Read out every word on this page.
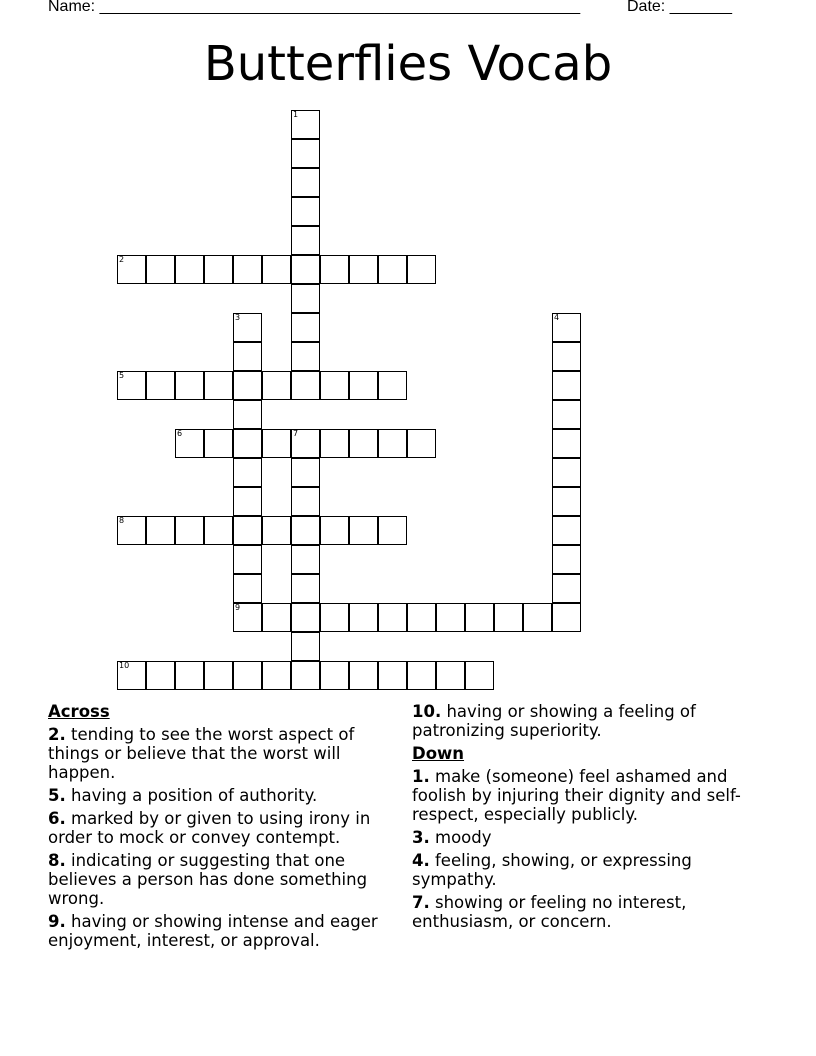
Name: ______________________________________________________	Date: _______
Butterflies Vocab
1
2
3
9
4
5
6	7
8
10
Across
2. tending to see the worst aspect of things or believe that the worst will happen.
5. having a position of authority.
6. marked by or given to using irony in order to mock or convey contempt.
8. indicating or suggesting that one believes a person has done something wrong.
9. having or showing intense and eager enjoyment, interest, or approval.
10. having or showing a feeling of patronizing superiority.
Down
1. make (someone) feel ashamed and foolish by injuring their dignity and self-respect, especially publicly.
3. moody
4. feeling, showing, or expressing sympathy.
7. showing or feeling no interest, enthusiasm, or concern.
